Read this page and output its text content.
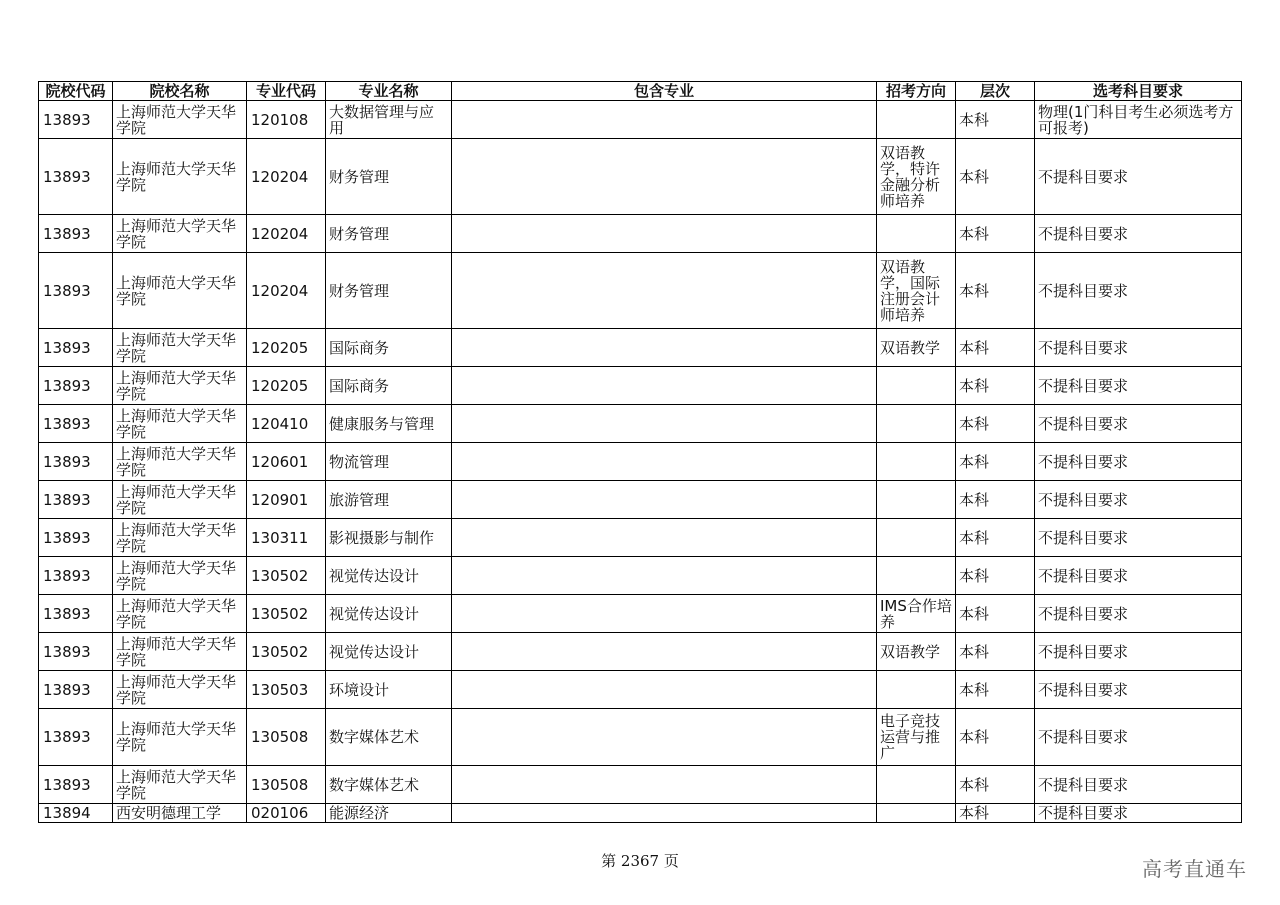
院校代码	院校名称	专业代码	专业名称	包含专业	招考方向	层次	选考科目要求
13893	上海师范大学天华学院	120108	大数据管理与应用			本科	物理(1门科目考生必须选考方可报考)
13893	上海师范大学天华学院	120204	财务管理		双语教学，特许金融分析师培养	本科	不提科目要求
13893	上海师范大学天华学院	120204	财务管理			本科	不提科目要求
13893	上海师范大学天华学院	120204	财务管理		双语教学，国际注册会计师培养	本科	不提科目要求
13893	上海师范大学天华学院	120205	国际商务		双语教学	本科	不提科目要求
13893	上海师范大学天华学院	120205	国际商务			本科	不提科目要求
13893	上海师范大学天华学院	120410	健康服务与管理			本科	不提科目要求
13893	上海师范大学天华学院	120601	物流管理			本科	不提科目要求
13893	上海师范大学天华学院	120901	旅游管理			本科	不提科目要求
13893	上海师范大学天华学院	130311	影视摄影与制作			本科	不提科目要求
13893	上海师范大学天华学院	130502	视觉传达设计			本科	不提科目要求
13893	上海师范大学天华学院	130502	视觉传达设计		IMS合作培养	本科	不提科目要求
13893	上海师范大学天华学院	130502	视觉传达设计		双语教学	本科	不提科目要求
13893	上海师范大学天华学院	130503	环境设计			本科	不提科目要求
13893	上海师范大学天华学院	130508	数字媒体艺术		电子竞技运营与推广	本科	不提科目要求
13893	上海师范大学天华学院	130508	数字媒体艺术			本科	不提科目要求
13894	西安明德理工学	020106	能源经济			本科	不提科目要求
第 2367 页	高考直通车
